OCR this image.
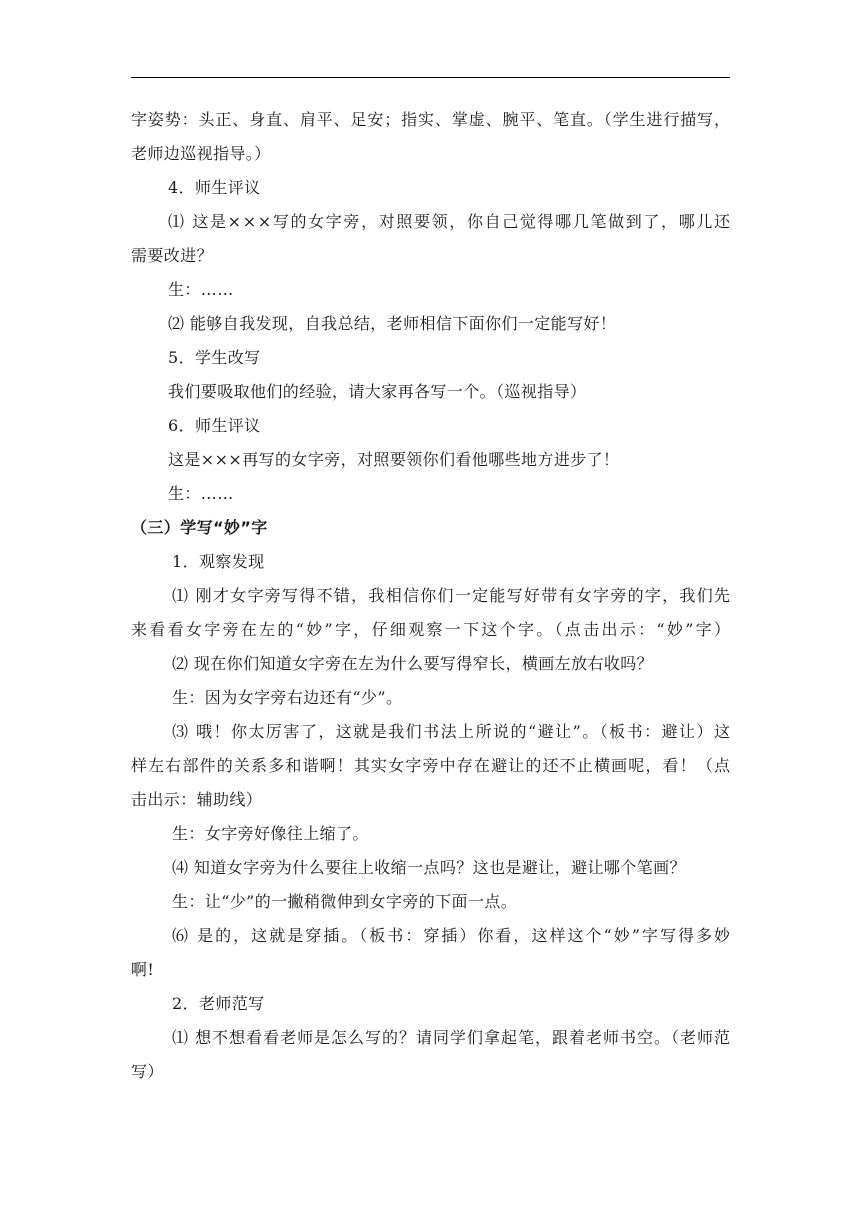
字姿势：头正、身直、肩平、足安；指实、掌虚、腕平、笔直。（学生进行描写，
老师边巡视指导。）
4．师生评议
⑴ 这是×××写的女字旁，对照要领，你自己觉得哪几笔做到了，哪儿还
需要改进？
生：……
⑵ 能够自我发现，自我总结，老师相信下面你们一定能写好！
5．学生改写
我们要吸取他们的经验，请大家再各写一个。（巡视指导）
6．师生评议
这是×××再写的女字旁，对照要领你们看他哪些地方进步了！
生：……
（三）学写“妙”字
1．观察发现
⑴ 刚才女字旁写得不错，我相信你们一定能写好带有女字旁的字，我们先
来看看女字旁在左的“妙”字，仔细观察一下这个字。（点击出示：“妙”字）
⑵ 现在你们知道女字旁在左为什么要写得窄长，横画左放右收吗？
生：因为女字旁右边还有“少”。
⑶ 哦！你太厉害了，这就是我们书法上所说的“避让”。（板书：避让）这
样左右部件的关系多和谐啊！其实女字旁中存在避让的还不止横画呢，看！（点
击出示：辅助线）
生：女字旁好像往上缩了。
⑷ 知道女字旁为什么要往上收缩一点吗？这也是避让，避让哪个笔画？
生：让“少”的一撇稍微伸到女字旁的下面一点。
⑹ 是的，这就是穿插。（板书：穿插）你看，这样这个“妙”字写得多妙
啊!
2．老师范写
⑴ 想不想看看老师是怎么写的？请同学们拿起笔，跟着老师书空。（老师范
写）
